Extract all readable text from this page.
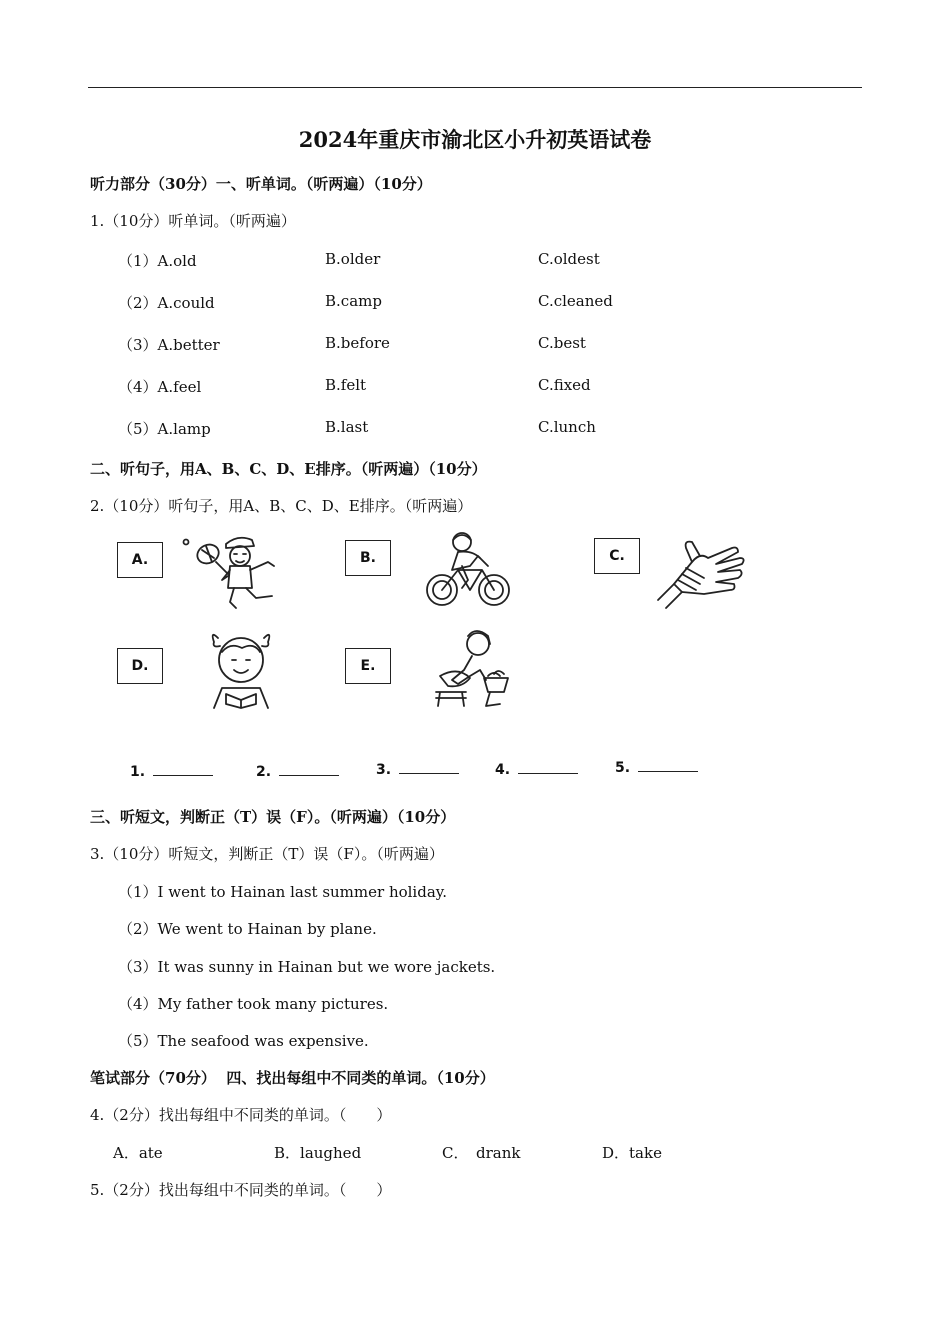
2024年重庆市渝北区小升初英语试卷
听力部分（30分）一、听单词。（听两遍）（10分）
1.（10分）听单词。（听两遍）
（1）A.old	B.older	C.oldest
（2）A.could	B.camp	C.cleaned
（3）A.better	B.before	C.best
（4）A.feel	B.felt	C.fixed
（5）A.lamp	B.last	C.lunch
二、听句子，用A、B、C、D、E排序。（听两遍）（10分）
2.（10分）听句子，用A、B、C、D、E排序。（听两遍）
A.	B.	C.
D.	E.
1.	2.	3.	4.	5.
三、听短文，判断正（T）误（F）。（听两遍）（10分）
3.（10分）听短文，判断正（T）误（F）。（听两遍）
（1）I went to Hainan last summer holiday.
（2）We went to Hainan by plane.
（3）It was sunny in Hainan but we wore jackets.
（4）My father took many pictures.
（5）The seafood was expensive.
笔试部分（70分）  四、找出每组中不同类的单词。（10分）
4.（2分）找出每组中不同类的单词。（　　）
A．ate	B．laughed	C．　drank	D．take
5.（2分）找出每组中不同类的单词。（　　）
